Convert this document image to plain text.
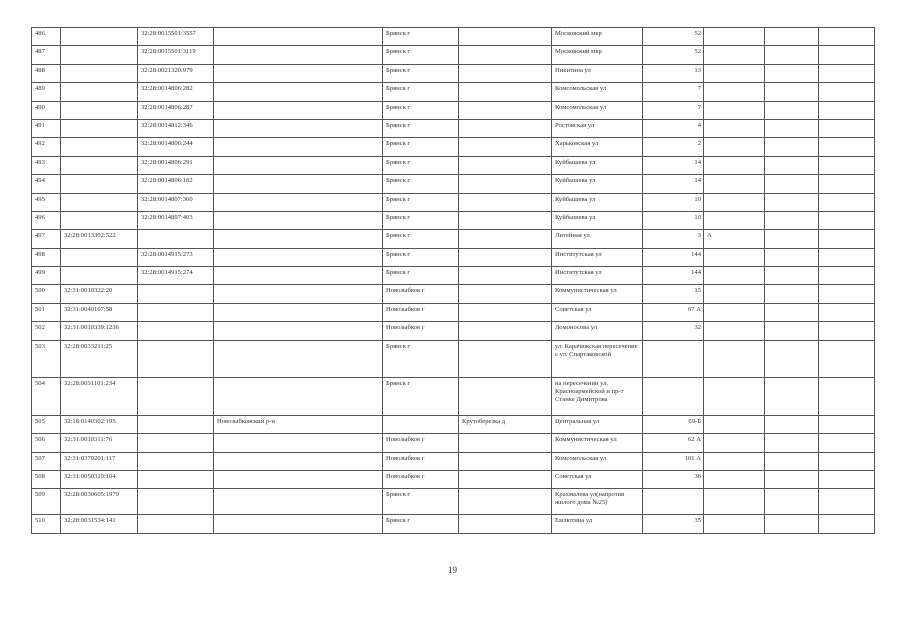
486		32:28:0015501:3557		Брянск г		Московский мкр	52			
487		32:28:0015501:3119		Брянск г		Московский мкр	52			
488		32:28:0021320:979		Брянск г		Никитина ул	13			
489		32:28:0014806:282		Брянск г		Комсомольская ул	7			
490		32:28:0014806:287		Брянск г		Комсомольская ул	7			
491		32:28:0014812:346		Брянск г		Ростовская ул	4			
492		32:28:0014806:244		Брянск г		Харьковская ул	2			
493		32:28:0014806:291		Брянск г		Куйбышева ул	14			
494		32:28:0014806:182		Брянск г		Куйбышева ул	14			
495		32:28:0014807:360		Брянск г		Куйбышева ул	10			
496		32:28:0014807:403		Брянск г		Куйбышева ул	10			
497	32:28:0013302:522			Брянск г		Литейная ул	3	А		
498		32:28:0014915:273		Брянск г		Институтская ул	144			
499		32:28:0014915:274		Брянск г		Институтская ул	144			
500	32:31:0010322:20			Новозыбков г		Коммунистическая ул	15			
501	32:31:0040107:58			Новозыбков г		Советская ул	67 А			
502	32:31:0010339:1236			Новозыбков г		Ломоносова ул	32			
503	32:28:0033211:25			Брянск г		ул. Карачижская пересечение с ул. Спартаковской				
504	32:28:0031101:234			Брянск г		на пересечении ул. Красноармейской и пр-т Станке Димитрова				
505	32:18:0140302:195		Новозыбковский р-н		Крутоберезка д	Центральная ул	69-Б			
506	32:31:0010311:76			Новозыбков г		Коммунистическая ул	62 А			
507	32:31:0370201:117			Новозыбков г		Комсомольская ул	101 А			
508	32:31:0050320:104			Новозыбков г		Советская ул	36			
509	32:28:0030605:1979			Брянск г		Крахмалева ул(напротив жилого дома №25)				
510	32:28:0031534:141			Брянск г		Емлютина ул	35			
19
